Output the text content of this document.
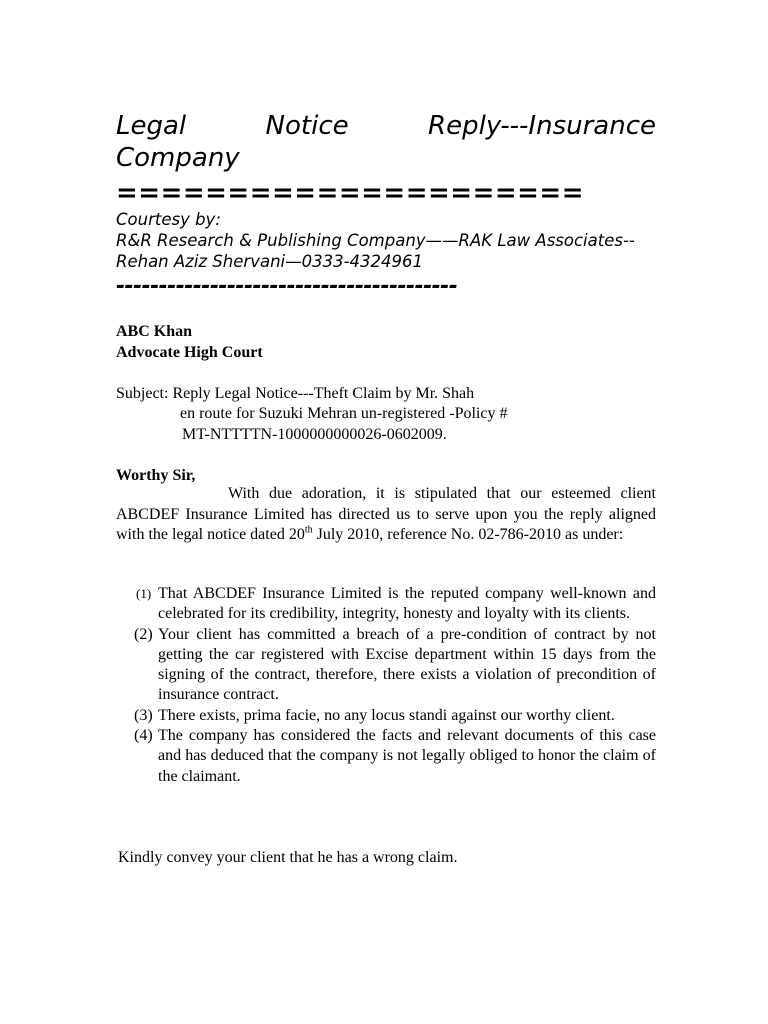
Legal Notice Reply---Insurance
Company
=====================
Courtesy by:
R&R Research & Publishing Company——RAK Law Associates--
Rehan Aziz Shervani—0333-4324961
----------------------------------------
ABC Khan
Advocate High Court
Subject: Reply Legal Notice---Theft Claim by Mr. Shah
en route for Suzuki Mehran un-registered -Policy #
MT-NTTTTN-1000000000026-0602009.
Worthy Sir,
With due adoration, it is stipulated that our esteemed client ABCDEF Insurance Limited has directed us to serve upon you the reply aligned with the legal notice dated 20th July 2010, reference No. 02-786-2010 as under:
(1) That ABCDEF Insurance Limited is the reputed company well-known and celebrated for its credibility, integrity, honesty and loyalty with its clients.
(2) Your client has committed a breach of a pre-condition of contract by not getting the car registered with Excise department within 15 days from the signing of the contract, therefore, there exists a violation of precondition of insurance contract.
(3) There exists, prima facie, no any locus standi against our worthy client.
(4) The company has considered the facts and relevant documents of this case and has deduced that the company is not legally obliged to honor the claim of the claimant.
Kindly convey your client that he has a wrong claim.
